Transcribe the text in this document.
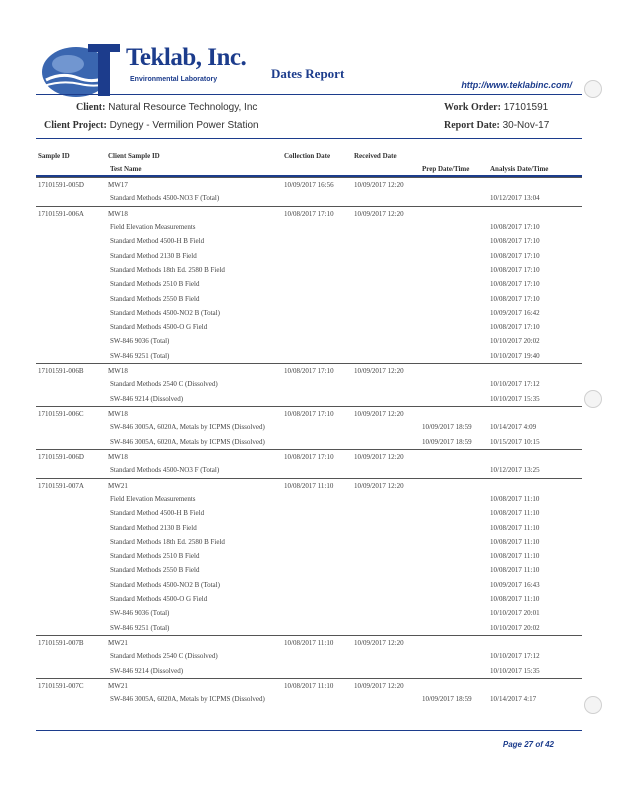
Teklab, Inc.
Environmental Laboratory	Dates Report
http://www.teklabinc.com/
Client: Natural Resource Technology, Inc
Client Project: Dynegy - Vermilion Power Station
Work Order: 17101591
Report Date: 30-Nov-17
Sample ID	Client Sample ID
Test Name
Collection Date	Received Date
Prep Date/Time	Analysis Date/Time
17101591-005D	MW17	10/09/2017 16:56	10/09/2017 12:20
Standard Methods 4500-NO3 F (Total)	10/12/2017 13:04
17101591-006A	MW18	10/08/2017 17:10	10/09/2017 12:20
Field Elevation Measurements	10/08/2017 17:10
Standard Method 4500-H B Field	10/08/2017 17:10
Standard Method 2130 B Field	10/08/2017 17:10
Standard Methods 18th Ed. 2580 B Field	10/08/2017 17:10
Standard Methods 2510 B Field	10/08/2017 17:10
Standard Methods 2550 B Field	10/08/2017 17:10
Standard Methods 4500-NO2 B (Total)	10/09/2017 16:42
Standard Methods 4500-O G Field	10/08/2017 17:10
SW-846 9036 (Total)	10/10/2017 20:02
SW-846 9251 (Total)	10/10/2017 19:40
17101591-006B	MW18	10/08/2017 17:10	10/09/2017 12:20
Standard Methods 2540 C (Dissolved)	10/10/2017 17:12
SW-846 9214 (Dissolved)	10/10/2017 15:35
17101591-006C	MW18	10/08/2017 17:10	10/09/2017 12:20
SW-846 3005A, 6020A, Metals by ICPMS (Dissolved)	10/09/2017 18:59	10/14/2017 4:09
SW-846 3005A, 6020A, Metals by ICPMS (Dissolved)	10/09/2017 18:59	10/15/2017 10:15
17101591-006D	MW18	10/08/2017 17:10	10/09/2017 12:20
Standard Methods 4500-NO3 F (Total)	10/12/2017 13:25
17101591-007A	MW21	10/08/2017 11:10	10/09/2017 12:20
Field Elevation Measurements	10/08/2017 11:10
Standard Method 4500-H B Field	10/08/2017 11:10
Standard Method 2130 B Field	10/08/2017 11:10
Standard Methods 18th Ed. 2580 B Field	10/08/2017 11:10
Standard Methods 2510 B Field	10/08/2017 11:10
Standard Methods 2550 B Field	10/08/2017 11:10
Standard Methods 4500-NO2 B (Total)	10/09/2017 16:43
Standard Methods 4500-O G Field	10/08/2017 11:10
SW-846 9036 (Total)	10/10/2017 20:01
SW-846 9251 (Total)	10/10/2017 20:02
17101591-007B	MW21	10/08/2017 11:10	10/09/2017 12:20
Standard Methods 2540 C (Dissolved)	10/10/2017 17:12
SW-846 9214 (Dissolved)	10/10/2017 15:35
17101591-007C	MW21	10/08/2017 11:10	10/09/2017 12:20
SW-846 3005A, 6020A, Metals by ICPMS (Dissolved)	10/09/2017 18:59	10/14/2017 4:17
Page 27 of 42
